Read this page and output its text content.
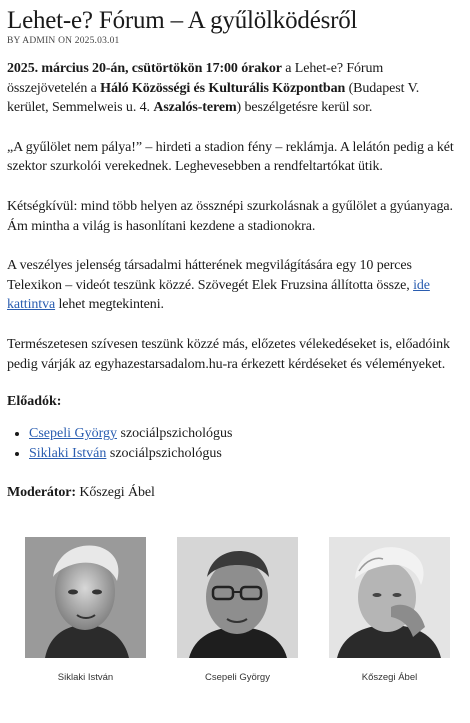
Lehet-e? Fórum – A gyűlölködésről
BY ADMIN ON 2025.03.01

2025. március 20-án, csütörtökön 17:00 órakor a Lehet-e? Fórum összejövetelén a Háló Közösségi és Kulturális Központban (Budapest V. kerület, Semmelweis u. 4. Aszalós-terem) beszélgetésre kerül sor.

„A gyűlölet nem pálya!” – hirdeti a stadion fény – reklámja. A lelátón pedig a két szektor szurkolói verekednek. Leghevesebben a rendfeltartókat ütik.

Kétségkívül: mind több helyen az össznépi szurkolásnak a gyűlölet a gyúanyaga. Ám mintha a világ is hasonlítani kezdene a stadionokra.

A veszélyes jelenség társadalmi hátterének megvilágítására egy 10 perces Telexikon – videót teszünk közzé. Szövegét Elek Fruzsina állította össze, ide kattintva lehet megtekinteni.

Természetesen szívesen teszünk közzé más, előzetes vélekedéseket is, előadóink pedig várják az egyhazestarsadalom.hu-ra érkezett kérdéseket és véleményeket.

Előadók:
• Csepeli György szociálpszichológus
• Siklaki István szociálpszichológus

Moderátor: Kőszegi Ábel

Siklaki István	Csepeli György	Kőszegi Ábel
